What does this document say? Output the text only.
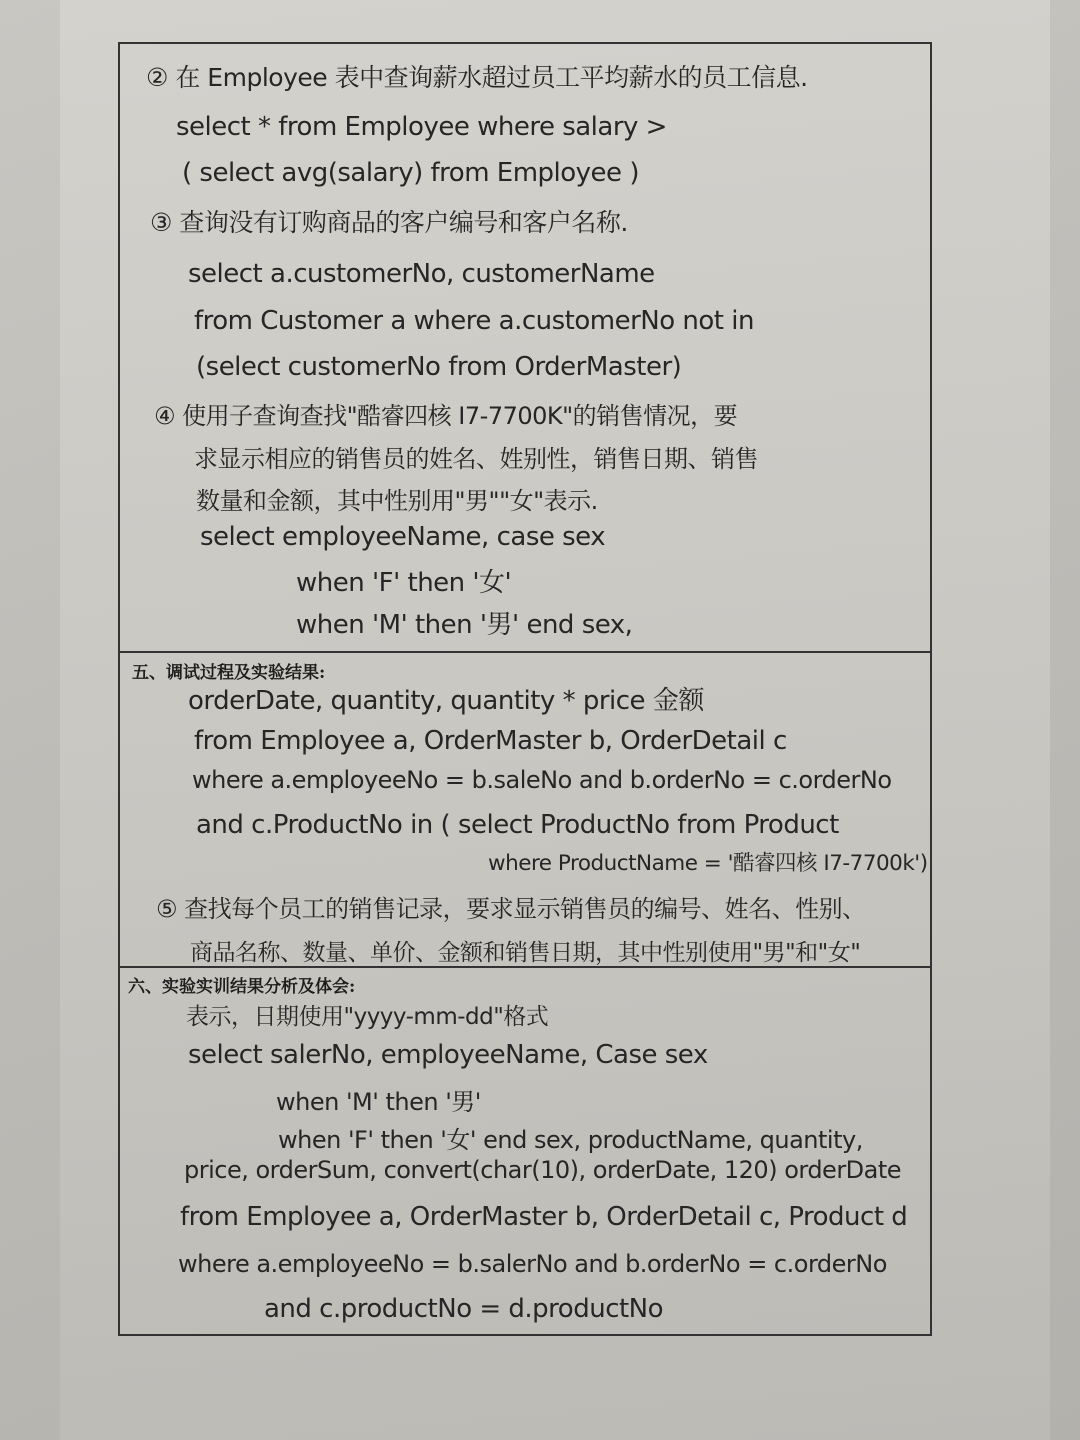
五、调试过程及实验结果:
六、实验实训结果分析及体会:
② 在 Employee 表中查询薪水超过员工平均薪水的员工信息.
select * from Employee where salary >
( select avg(salary) from Employee )
③ 查询没有订购商品的客户编号和客户名称.
select a.customerNo, customerName
from Customer a where a.customerNo not in
(select customerNo from OrderMaster)
④ 使用子查询查找"酷睿四核 I7-7700K"的销售情况，要
求显示相应的销售员的姓名、姓别性，销售日期、销售
数量和金额，其中性别用"男""女"表示.
select employeeName, case sex
when 'F' then '女'
when 'M' then '男' end sex,
orderDate, quantity, quantity * price 金额
from Employee a, OrderMaster b, OrderDetail c
where a.employeeNo = b.saleNo and b.orderNo = c.orderNo
and c.ProductNo in ( select ProductNo from Product
where ProductName = '酷睿四核 I7-7700k')
⑤ 查找每个员工的销售记录，要求显示销售员的编号、姓名、性别、
商品名称、数量、单价、金额和销售日期，其中性别使用"男"和"女"
表示，日期使用"yyyy-mm-dd"格式
select salerNo, employeeName, Case sex
when 'M' then '男'
when 'F' then '女' end sex, productName, quantity,
price, orderSum, convert(char(10), orderDate, 120) orderDate
from Employee a, OrderMaster b, OrderDetail c, Product d
where a.employeeNo = b.salerNo and b.orderNo = c.orderNo
and c.productNo = d.productNo
